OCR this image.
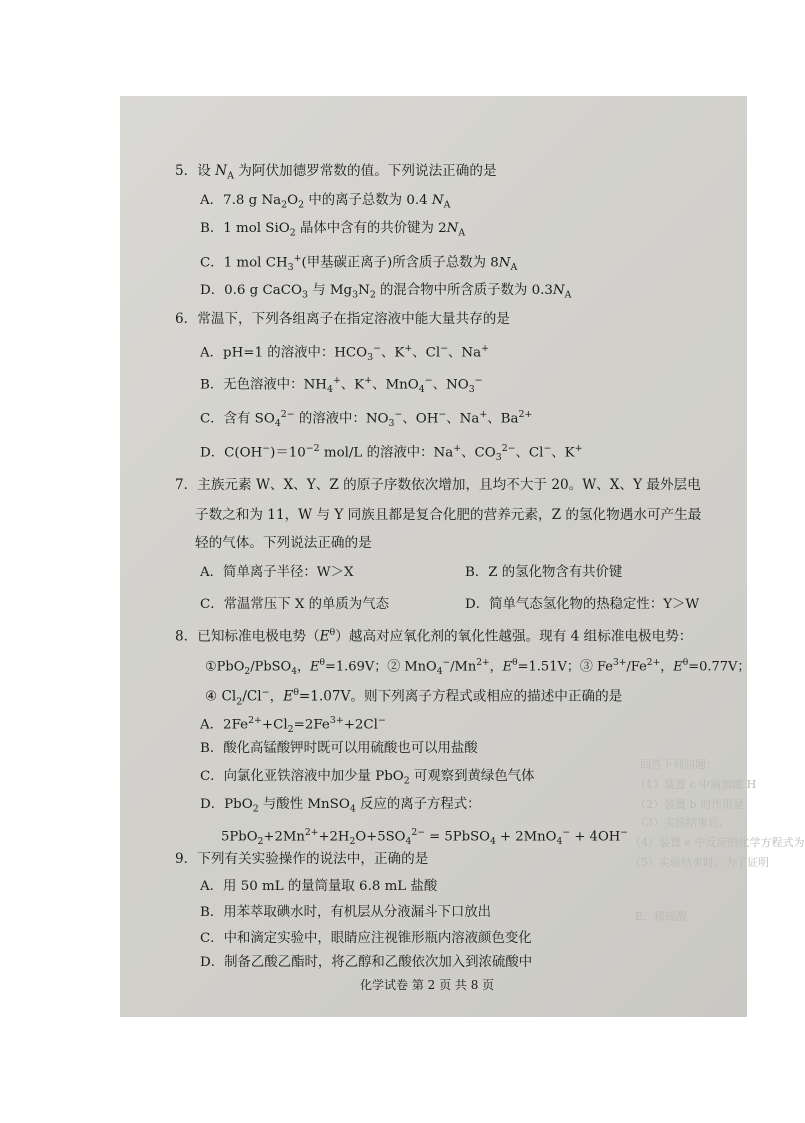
回答下列问题：
（1）装置 c 中滴加浓 H
（2）装置 b 的作用是
（3）实验结束后，
（4）装置 e 中反应的化学方程式为
（5）实验结束时，为了证明
E．稀硫酸
5．设 $N_A$ 为阿伏加德罗常数的值。下列说法正确的是
A．7.8 g $Na_2O_2$ 中的离子总数为 0.4 $N_A$
B．1 mol SiO$_2$ 晶体中含有的共价键为 $2N_A$
C．1 mol $CH_3^+$(甲基碳正离子)所含质子总数为 $8N_A$
D．0.6 g CaCO$_3$ 与 $Mg_3N_2$ 的混合物中所含质子数为 $0.3N_A$
6．常温下，下列各组离子在指定溶液中能大量共存的是
A．pH=1 的溶液中：$HCO_3^-$、K+、Cl−、Na+
B．无色溶液中：$NH_4^+$、K+、MnO$_4$−、$NO_3^-$
C．含有 $SO_4^{2-}$ 的溶液中：$NO_3^-$、OH−、Na+、$Ba^{2+}$
D．$C(OH^-)=10^{-2}$ mol/L 的溶液中：Na+、$CO_3^{2-}$、Cl−、K+
7．主族元素 W、X、Y、Z 的原子序数依次增加，且均不大于 20。W、X、Y 最外层电
子数之和为 11，W 与 Y 同族且都是复合化肥的营养元素，Z 的氢化物遇水可产生最
轻的气体。下列说法正确的是
A．简单离子半径：W＞X	B．Z 的氢化物含有共价键
C．常温常压下 X 的单质为气态	D．简单气态氢化物的热稳定性：Y＞W
8．已知标准电极电势$(E^\theta)$越高对应氧化剂的氧化性越强。现有 4 组标准电极电势：
①PbO$_2$/PbSO$_4$，$E^\theta=1.69V$；② $MnO_4^-/Mn^{2+}$，$E^\theta=1.51V$；③ $Fe^{3+}/Fe^{2+}$，$E^\theta=0.77V$；
④ $Cl_2/Cl^-$，$E^\theta=1.07V$。则下列离子方程式或相应的描述中正确的是
A．$2Fe^{2+}+Cl_2=2Fe^{3+}+2Cl^-$
B．酸化高锰酸钾时既可以用硫酸也可以用盐酸
C．向氯化亚铁溶液中加少量 PbO$_2$ 可观察到黄绿色气体
D．PbO$_2$ 与酸性 MnSO$_4$ 反应的离子方程式：
$5PbO_2+2Mn^{2+}+2H_2O+5SO_4^{2-}$ = 5PbSO$_4$ + 2MnO$_4$− + 4OH−
9．下列有关实验操作的说法中，正确的是
A．用 50 mL 的量筒量取 6.8 mL 盐酸
B．用苯萃取碘水时，有机层从分液漏斗下口放出
C．中和滴定实验中，眼睛应注视锥形瓶内溶液颜色变化
D．制备乙酸乙酯时，将乙醇和乙酸依次加入到浓硫酸中
化学试卷 第 2 页 共 8 页
